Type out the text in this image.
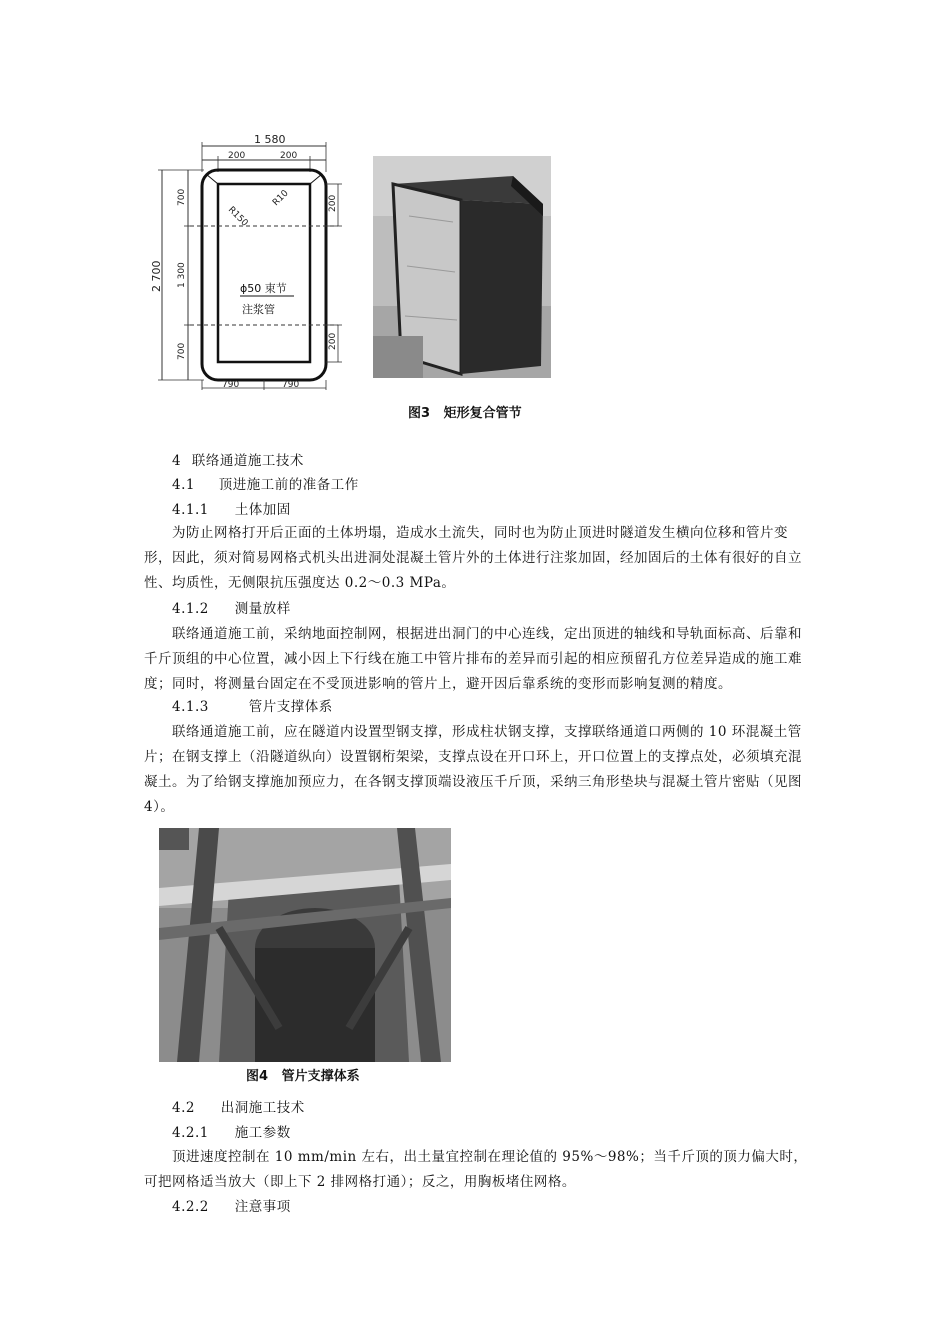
1 580
200	200
2 700
700
1 300
700
R150
R10	200
200
ϕ50 束节
注浆管
790	790
图3   矩形复合管节
4 联络通道施工技术
4.1 顶进施工前的准备工作
4.1.1 土体加固

为防止网格打开后正面的土体坍塌，造成水土流失，同时也为防止顶进时隧道发生横向位移和管片变形，因此，须对简易网格式机头出进洞处混凝土管片外的土体进行注浆加固，经加固后的土体有很好的自立性、均质性，无侧限抗压强度达 0.2～0.3 MPa。

4.1.2 测量放样

联络通道施工前，采纳地面控制网，根据进出洞门的中心连线，定出顶进的轴线和导轨面标高、后靠和千斤顶组的中心位置，减小因上下行线在施工中管片排布的差异而引起的相应预留孔方位差异造成的施工难度；同时，将测量台固定在不受顶进影响的管片上，避开因后靠系统的变形而影响复测的精度。

4.1.3	管片支撑体系

联络通道施工前，应在隧道内设置型钢支撑，形成柱状钢支撑，支撑联络通道口两侧的 10 环混凝土管片；在钢支撑上（沿隧道纵向）设置钢桁架梁，支撑点设在开口环上，开口位置上的支撑点处，必须填充混凝土。为了给钢支撑施加预应力，在各钢支撑顶端设液压千斤顶，采纳三角形垫块与混凝土管片密贴（见图 4）。

图4   管片支撑体系
4.2 出洞施工技术
4.2.1 施工参数

顶进速度控制在 10 mm/min 左右，出土量宜控制在理论值的 95%～98%；当千斤顶的顶力偏大时，可把网格适当放大（即上下 2 排网格打通）；反之，用胸板堵住网格。

4.2.2 注意事项
